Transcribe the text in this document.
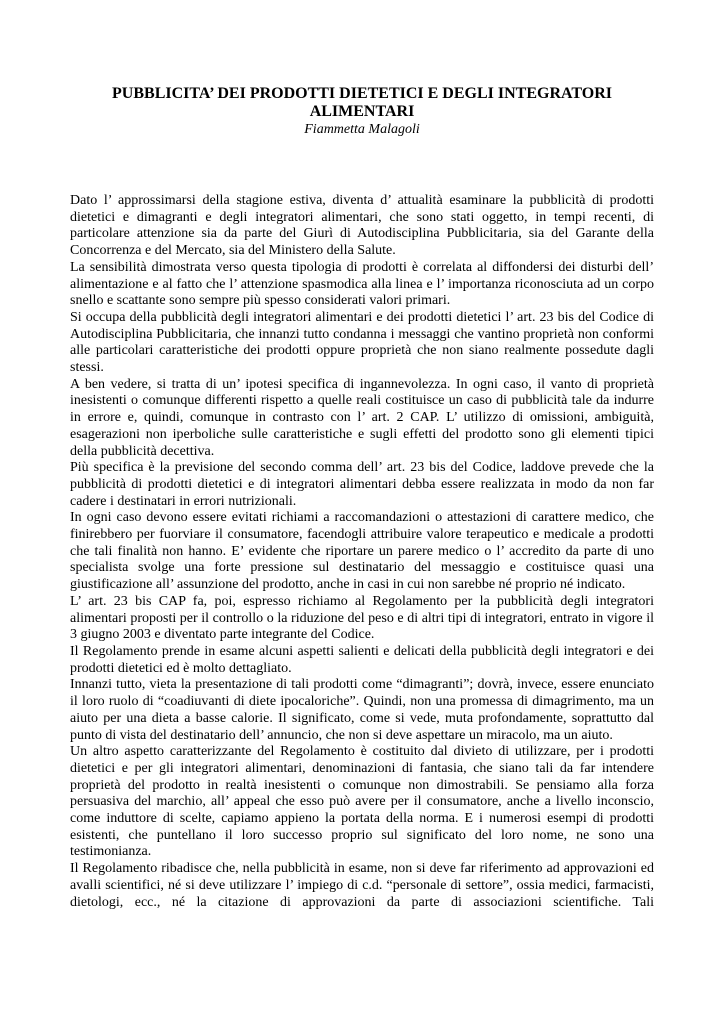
PUBBLICITA’ DEI PRODOTTI DIETETICI E DEGLI INTEGRATORI
ALIMENTARI

Fiammetta Malagoli

Dato l’ approssimarsi della stagione estiva, diventa d’ attualità esaminare la pubblicità di prodotti dietetici e dimagranti e degli integratori alimentari, che sono stati oggetto, in tempi recenti, di particolare attenzione sia da parte del Giurì di Autodisciplina Pubblicitaria, sia del Garante della Concorrenza e del Mercato, sia del Ministero della Salute.

La sensibilità dimostrata verso questa tipologia di prodotti è correlata al diffondersi dei disturbi dell’ alimentazione e al fatto che l’ attenzione spasmodica alla linea e l’ importanza riconosciuta ad un corpo snello e scattante sono sempre più spesso considerati valori primari.

Si occupa della pubblicità degli integratori alimentari e dei prodotti dietetici l’ art. 23 bis del Codice di Autodisciplina Pubblicitaria, che innanzi tutto condanna i messaggi che vantino proprietà non conformi alle particolari caratteristiche dei prodotti oppure proprietà che non siano realmente possedute dagli stessi.

A ben vedere, si tratta di un’ ipotesi specifica di ingannevolezza. In ogni caso, il vanto di proprietà inesistenti o comunque differenti rispetto a quelle reali costituisce un caso di pubblicità tale da indurre in errore e, quindi, comunque in contrasto con l’ art. 2 CAP. L’ utilizzo di omissioni, ambiguità, esagerazioni non iperboliche sulle caratteristiche e sugli effetti del prodotto sono gli elementi tipici della pubblicità decettiva.

Più specifica è la previsione del secondo comma dell’ art. 23 bis del Codice, laddove prevede che la pubblicità di prodotti dietetici e di integratori alimentari debba essere realizzata in modo da non far cadere i destinatari in errori nutrizionali.

In ogni caso devono essere evitati richiami a raccomandazioni o attestazioni di carattere medico, che finirebbero per fuorviare il consumatore, facendogli attribuire valore terapeutico e medicale a prodotti che tali finalità non hanno. E’ evidente che riportare un parere medico o l’ accredito da parte di uno specialista svolge una forte pressione sul destinatario del messaggio e costituisce quasi una giustificazione all’ assunzione del prodotto, anche in casi in cui non sarebbe né proprio né indicato.

L’ art. 23 bis CAP fa, poi, espresso richiamo al Regolamento per la pubblicità degli integratori alimentari proposti per il controllo o la riduzione del peso e di altri tipi di integratori, entrato in vigore il 3 giugno 2003 e diventato parte integrante del Codice.

Il Regolamento prende in esame alcuni aspetti salienti e delicati della pubblicità degli integratori e dei prodotti dietetici ed è molto dettagliato.

Innanzi tutto, vieta la presentazione di tali prodotti come “dimagranti”; dovrà, invece, essere enunciato il loro ruolo di “coadiuvanti di diete ipocaloriche”. Quindi, non una promessa di dimagrimento, ma un aiuto per una dieta a basse calorie. Il significato, come si vede, muta profondamente, soprattutto dal punto di vista del destinatario dell’ annuncio, che non si deve aspettare un miracolo, ma un aiuto.

Un altro aspetto caratterizzante del Regolamento è costituito dal divieto di utilizzare, per i prodotti dietetici e per gli integratori alimentari, denominazioni di fantasia, che siano tali da far intendere proprietà del prodotto in realtà inesistenti o comunque non dimostrabili. Se pensiamo alla forza persuasiva del marchio, all’ appeal che esso può avere per il consumatore, anche a livello inconscio, come induttore di scelte, capiamo appieno la portata della norma. E i numerosi esempi di prodotti esistenti, che puntellano il loro successo proprio sul significato del loro nome, ne sono una testimonianza.

Il Regolamento ribadisce che, nella pubblicità in esame, non si deve far riferimento ad approvazioni ed avalli scientifici, né si deve utilizzare l’ impiego di c.d. “personale di settore”, ossia medici, farmacisti, dietologi, ecc., né la citazione di approvazioni da parte di associazioni scientifiche. Tali
